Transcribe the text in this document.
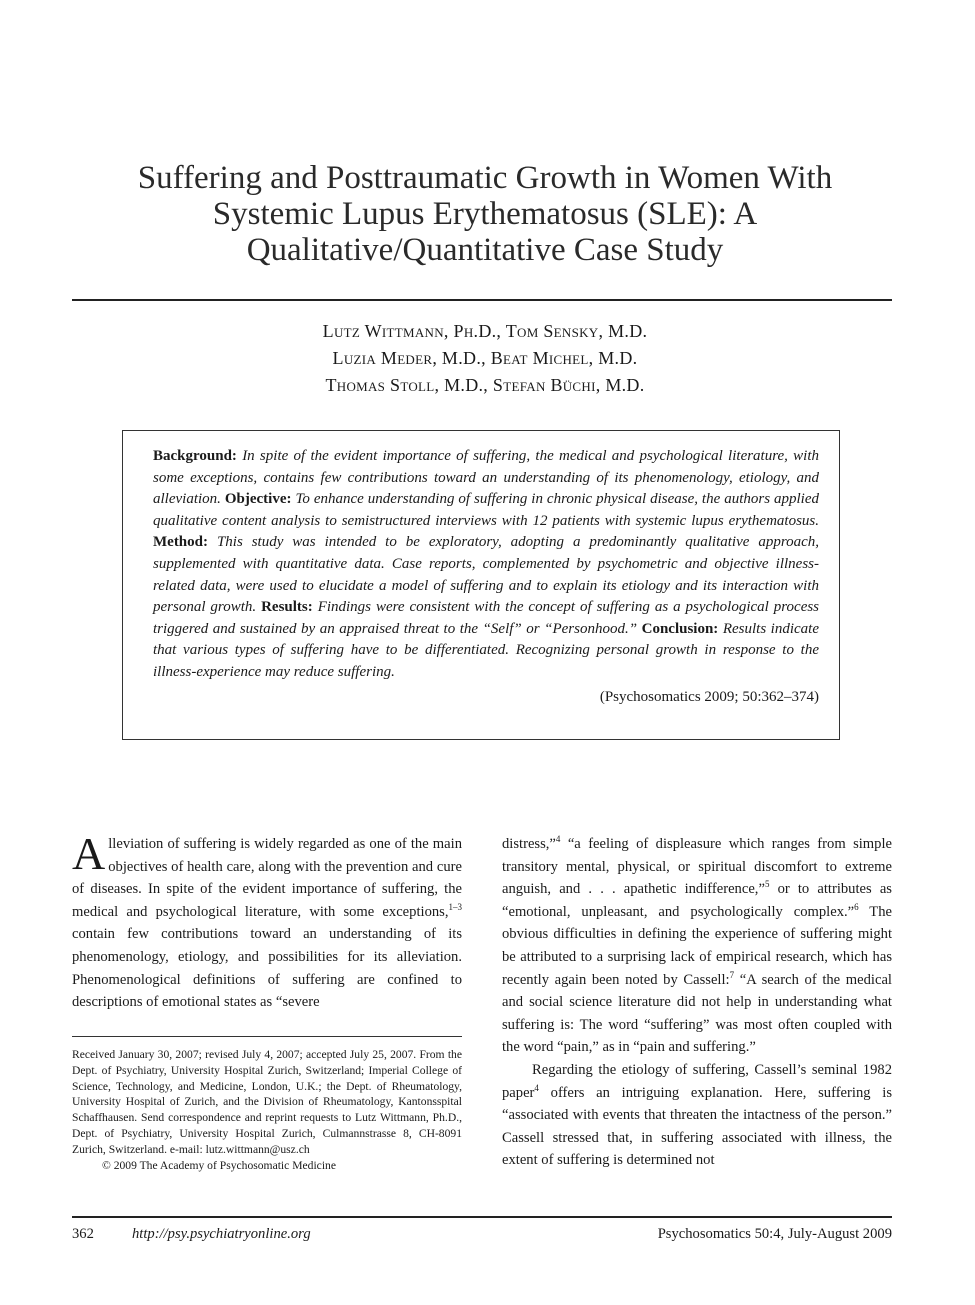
Suffering and Posttraumatic Growth in Women With
Systemic Lupus Erythematosus (SLE): A
Qualitative/Quantitative Case Study
Lutz Wittmann, Ph.D., Tom Sensky, M.D.
Luzia Meder, M.D., Beat Michel, M.D.
Thomas Stoll, M.D., Stefan Büchi, M.D.
Background: In spite of the evident importance of suffering, the medical and psychological literature, with some exceptions, contains few contributions toward an understanding of its phenomenology, etiology, and alleviation. Objective: To enhance understanding of suffering in chronic physical disease, the authors applied qualitative content analysis to semistructured interviews with 12 patients with systemic lupus erythematosus. Method: This study was intended to be exploratory, adopting a predominantly qualitative approach, supplemented with quantitative data. Case reports, complemented by psychometric and objective illness-related data, were used to elucidate a model of suffering and to explain its etiology and its interaction with personal growth. Results: Findings were consistent with the concept of suffering as a psychological process triggered and sustained by an appraised threat to the “Self” or “Personhood.” Conclusion: Results indicate that various types of suffering have to be differentiated. Recognizing personal growth in response to the illness-experience may reduce suffering.
(Psychosomatics 2009; 50:362–374)

Alleviation of suffering is widely regarded as one of the main objectives of health care, along with the prevention and cure of diseases. In spite of the evident importance of suffering, the medical and psychological literature, with some exceptions,$^{1-3}$ contain few contributions toward an understanding of its phenomenology, etiology, and possibilities for its alleviation. Phenomenological definitions of suffering are confined to descriptions of emotional states as “severe

Received January 30, 2007; revised July 4, 2007; accepted July 25, 2007. From the Dept. of Psychiatry, University Hospital Zurich, Switzerland; Imperial College of Science, Technology, and Medicine, London, U.K.; the Dept. of Rheumatology, University Hospital of Zurich, and the Division of Rheumatology, Kantonsspital Schaffhausen. Send correspondence and reprint requests to Lutz Wittmann, Ph.D., Dept. of Psychiatry, University Hospital Zurich, Culmannstrasse 8, CH-8091 Zurich, Switzerland. e-mail: lutz.wittmann@usz.ch

© 2009 The Academy of Psychosomatic Medicine

distress,”$^4$ “a feeling of displeasure which ranges from simple transitory mental, physical, or spiritual discomfort to extreme anguish, and . . . apathetic indifference,”$^5$ or to attributes as “emotional, unpleasant, and psychologically complex.”$^6$ The obvious difficulties in defining the experience of suffering might be attributed to a surprising lack of empirical research, which has recently again been noted by Cassell:$^7$ “A search of the medical and social science literature did not help in understanding what suffering is: The word “suffering” was most often coupled with the word “pain,” as in “pain and suffering.”

Regarding the etiology of suffering, Cassell’s seminal 1982 paper$^4$ offers an intriguing explanation. Here, suffering is “associated with events that threaten the intactness of the person.” Cassell stressed that, in suffering associated with illness, the extent of suffering is determined not

362	http://psy.psychiatryonline.org	Psychosomatics 50:4, July-August 2009
